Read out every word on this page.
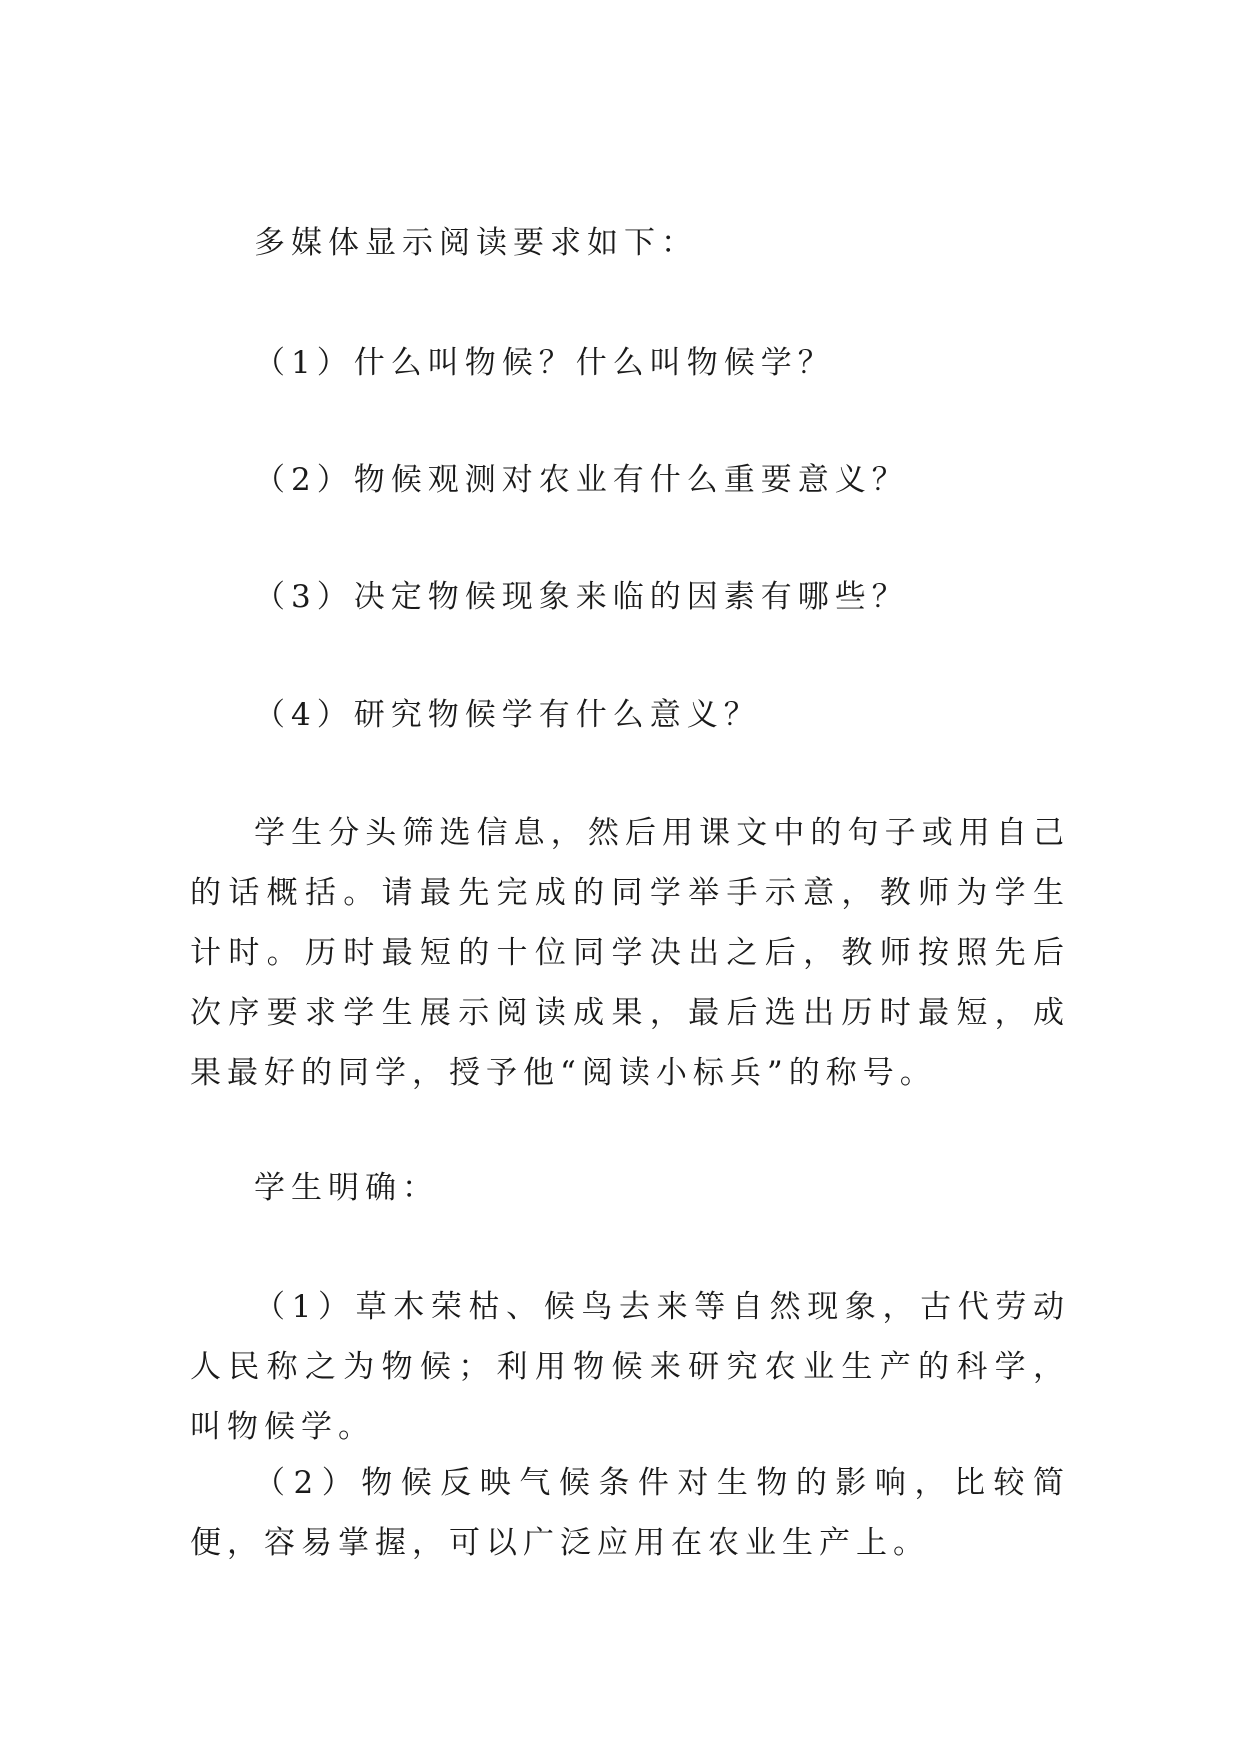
多媒体显示阅读要求如下：

（1）什么叫物候？什么叫物候学？

（2）物候观测对农业有什么重要意义？

（3）决定物候现象来临的因素有哪些？

（4）研究物候学有什么意义？

学生分头筛选信息，然后用课文中的句子或用自己的话概括。请最先完成的同学举手示意，教师为学生计时。历时最短的十位同学决出之后，教师按照先后次序要求学生展示阅读成果，最后选出历时最短，成果最好的同学，授予他“阅读小标兵”的称号。

学生明确：

（1）草木荣枯、候鸟去来等自然现象，古代劳动人民称之为物候；利用物候来研究农业生产的科学，叫物候学。

（2）物候反映气候条件对生物的影响，比较简便，容易掌握，可以广泛应用在农业生产上。
